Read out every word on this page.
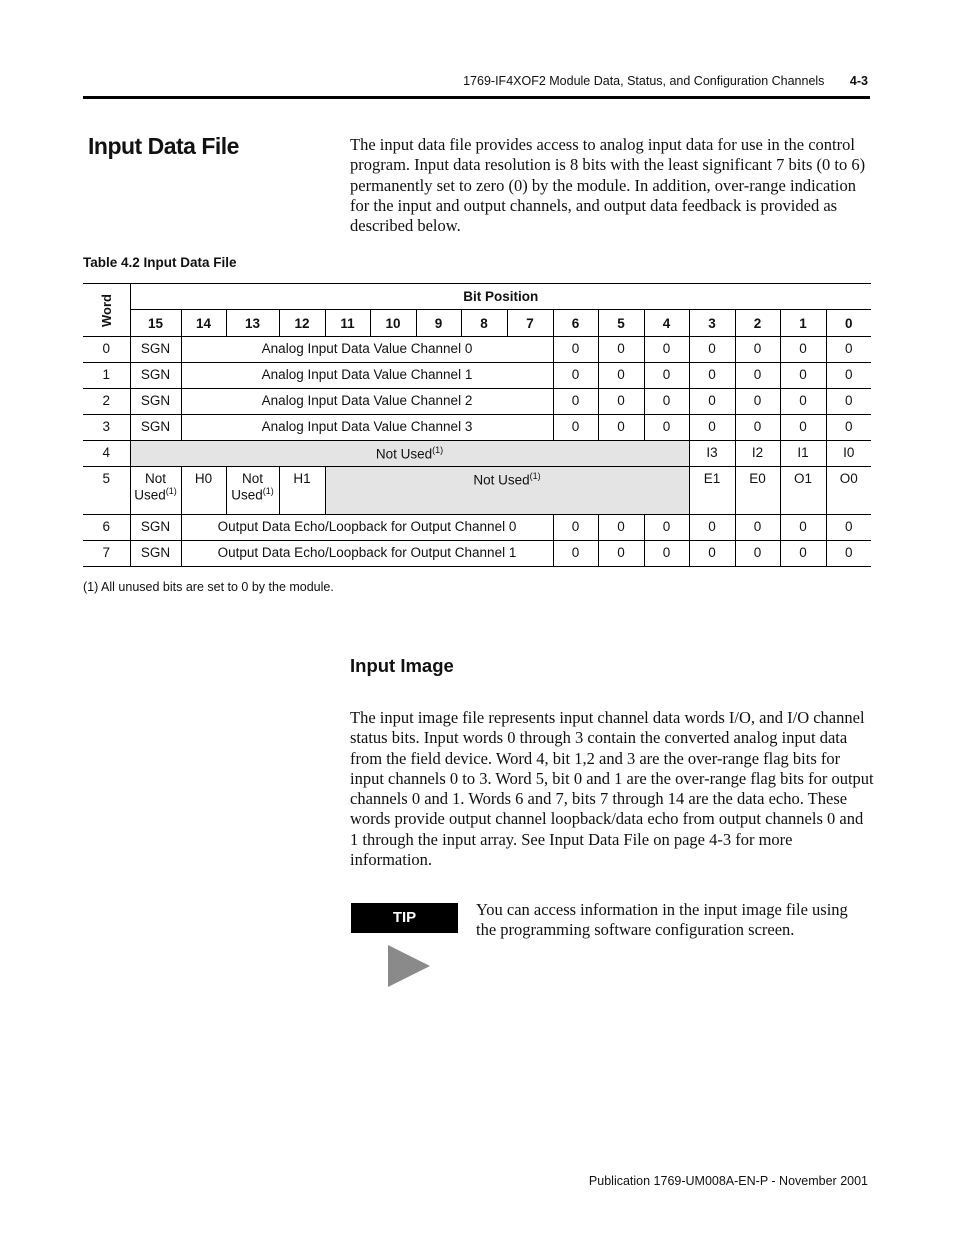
1769-IF4XOF2 Module Data, Status, and Configuration Channels 4-3
Input Data File	The input data file provides access to analog input data for use in the control program. Input data resolution is 8 bits with the least significant 7 bits (0 to 6) permanently set to zero (0) by the module. In addition, over-range indication for the input and output channels, and output data feedback is provided as described below.
Table 4.2 Input Data File
Word	Bit Position															
	15	14	13	12	11	10	9	8	7	6	5	4	3	2	1	0
0	SGN	Analog Input Data Value Channel 0								0	0	0	0	0	0	0
1	SGN	Analog Input Data Value Channel 1								0	0	0	0	0	0	0
2	SGN	Analog Input Data Value Channel 2								0	0	0	0	0	0	0
3	SGN	Analog Input Data Value Channel 3								0	0	0	0	0	0	0
4	Not Used$^{(1)}$												I3	I2	I1	I0
5	Not
Used$^{(1)}$	H0	Not
Used$^{(1)}$	H1	Not Used$^{(1)}$								E1	E0	O1	O0
6	SGN	Output Data Echo/Loopback for Output Channel 0								0	0	0	0	0	0	0
7	SGN	Output Data Echo/Loopback for Output Channel 1								0	0	0	0	0	0	0
(1) All unused bits are set to 0 by the module.
Input Image
The input image file represents input channel data words I/O, and I/O channel status bits. Input words 0 through 3 contain the converted analog input data from the field device. Word 4, bit 1,2 and 3 are the over-range flag bits for input channels 0 to 3. Word 5, bit 0 and 1 are the over-range flag bits for output channels 0 and 1. Words 6 and 7, bits 7 through 14 are the data echo. These words provide output channel loopback/data echo from output channels 0 and 1 through the input array. See Input Data File on page 4-3 for more information.
TIP	You can access information in the input image file using the programming software configuration screen.
Publication 1769-UM008A-EN-P - November 2001
